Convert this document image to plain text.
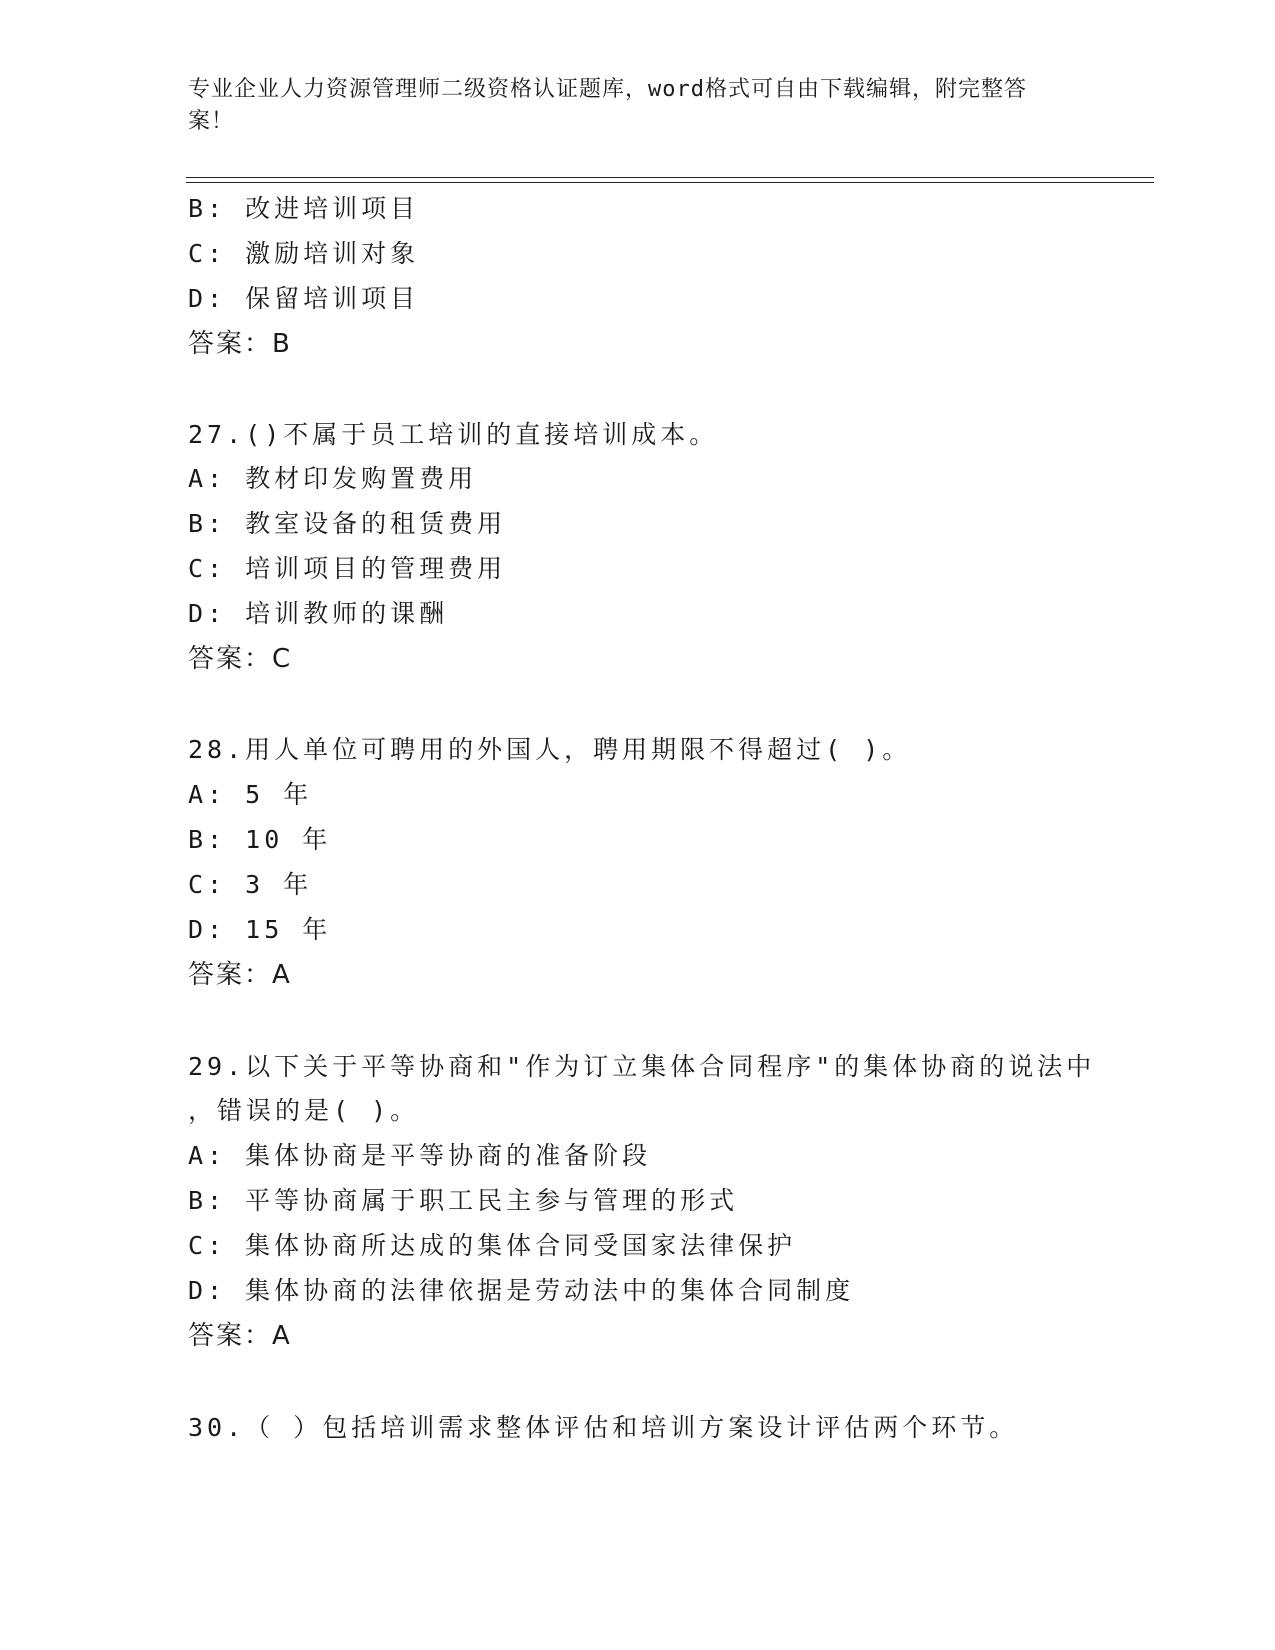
专业企业人力资源管理师二级资格认证题库，word格式可自由下载编辑，附完整答案！
B: 改进培训项目
C: 激励培训对象
D: 保留培训项目
答案：B
27.()不属于员工培训的直接培训成本。
A: 教材印发购置费用
B: 教室设备的租赁费用
C: 培训项目的管理费用
D: 培训教师的课酬
答案：C
28.用人单位可聘用的外国人，聘用期限不得超过( )。
A: 5 年
B: 10 年
C: 3 年
D: 15 年
答案：A
29.以下关于平等协商和"作为订立集体合同程序"的集体协商的说法中
，错误的是( )。
A: 集体协商是平等协商的准备阶段
B: 平等协商属于职工民主参与管理的形式
C: 集体协商所达成的集体合同受国家法律保护
D: 集体协商的法律依据是劳动法中的集体合同制度
答案：A
30.（ ）包括培训需求整体评估和培训方案设计评估两个环节。
